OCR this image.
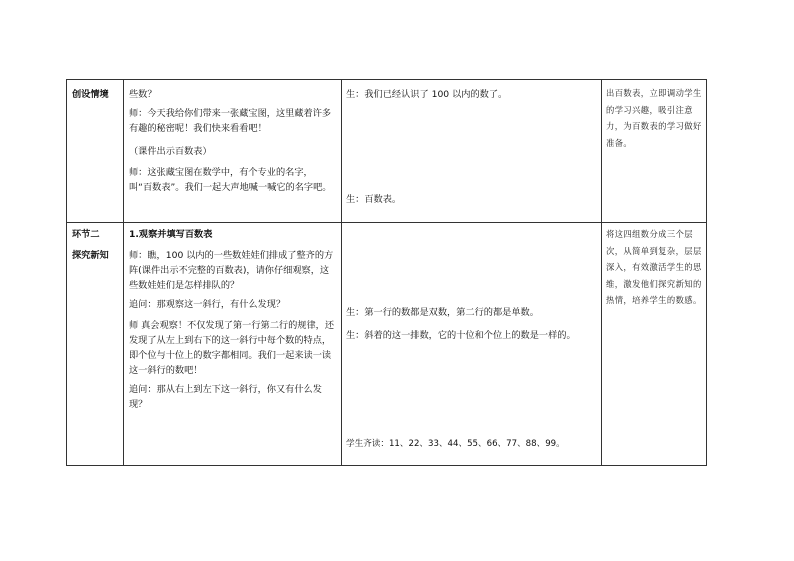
创设情境	些数？

师：今天我给你们带来一张藏宝图，这里藏着许多有趣的秘密呢！我们快来看看吧！

（课件出示百数表）

师：这张藏宝图在数学中，有个专业的名字，叫“百数表”。我们一起大声地喊一喊它的名字吧。

生：我们已经认识了 100 以内的数了。

生：百数表。

出百数表，立即调动学生的学习兴趣，吸引注意力，为百数表的学习做好准备。

环节二

探究新知

1.观察并填写百数表

师：瞧，100 以内的一些数娃娃们排成了整齐的方阵(课件出示不完整的百数表)，请你仔细观察，这些数娃娃们是怎样排队的？

追问：那观察这一斜行，有什么发现？

师 真会观察！不仅发现了第一行第二行的规律，还发现了从左上到右下的这一斜行中每个数的特点，即个位与十位上的数字都相同。我们一起来读一读这一斜行的数吧！

追问：那从右上到左下这一斜行，你又有什么发现？

生：第一行的数都是双数，第二行的都是单数。

生：斜着的这一排数，它的十位和个位上的数是一样的。

学生齐读：11、22、33、44、55、66、77、88、99。

将这四组数分成三个层次，从简单到复杂，层层深入，有效激活学生的思维，激发他们探究新知的热情，培养学生的数感。
